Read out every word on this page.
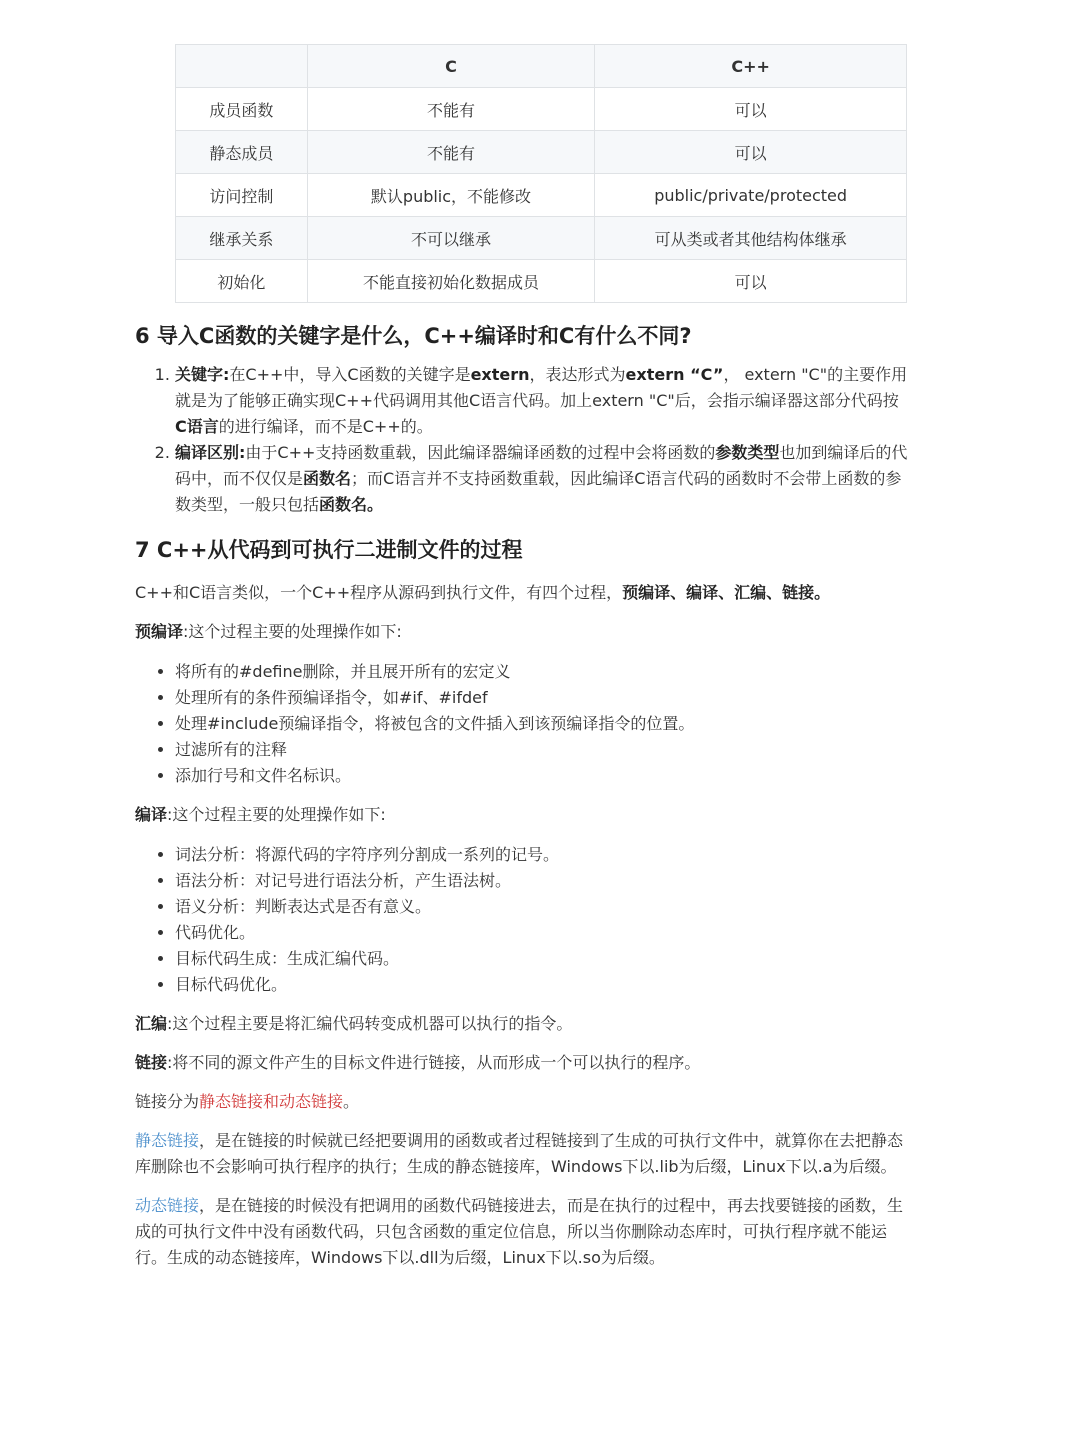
	C	C++
成员函数	不能有	可以
静态成员	不能有	可以
访问控制	默认public，不能修改	public/private/protected
继承关系	不可以继承	可从类或者其他结构体继承
初始化	不能直接初始化数据成员	可以
6 导入C函数的关键字是什么，C++编译时和C有什么不同?
1. 关键字:在C++中，导入C函数的关键字是extern，表达形式为extern “C”， extern "C"的主要作用就是为了能够正确实现C++代码调用其他C语言代码。加上extern "C"后，会指示编译器这部分代码按C语言的进行编译，而不是C++的。
2. 编译区别:由于C++支持函数重载，因此编译器编译函数的过程中会将函数的参数类型也加到编译后的代码中，而不仅仅是函数名；而C语言并不支持函数重载，因此编译C语言代码的函数时不会带上函数的参数类型，一般只包括函数名。
7 C++从代码到可执行二进制文件的过程

C++和C语言类似，一个C++程序从源码到执行文件，有四个过程，预编译、编译、汇编、链接。

预编译:这个过程主要的处理操作如下:

• 将所有的#define删除，并且展开所有的宏定义
• 处理所有的条件预编译指令，如#if、#ifdef
• 处理#include预编译指令，将被包含的文件插入到该预编译指令的位置。
• 过滤所有的注释
• 添加行号和文件名标识。

编译:这个过程主要的处理操作如下:

• 词法分析：将源代码的字符序列分割成一系列的记号。
• 语法分析：对记号进行语法分析，产生语法树。
• 语义分析：判断表达式是否有意义。
• 代码优化。
• 目标代码生成：生成汇编代码。
• 目标代码优化。

汇编:这个过程主要是将汇编代码转变成机器可以执行的指令。

链接:将不同的源文件产生的目标文件进行链接，从而形成一个可以执行的程序。

链接分为静态链接和动态链接。

静态链接，是在链接的时候就已经把要调用的函数或者过程链接到了生成的可执行文件中，就算你在去把静态库删除也不会影响可执行程序的执行；生成的静态链接库，Windows下以.lib为后缀，Linux下以.a为后缀。

动态链接，是在链接的时候没有把调用的函数代码链接进去，而是在执行的过程中，再去找要链接的函数，生成的可执行文件中没有函数代码，只包含函数的重定位信息，所以当你删除动态库时，可执行程序就不能运行。生成的动态链接库，Windows下以.dll为后缀，Linux下以.so为后缀。
